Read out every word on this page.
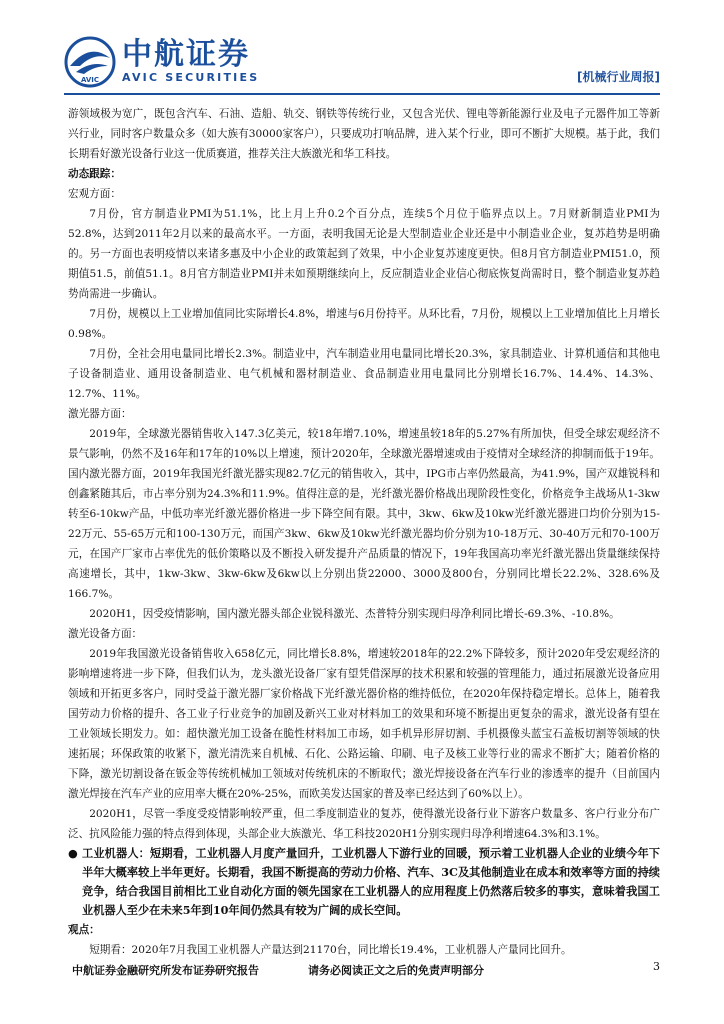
AVIC
中航证券
AVIC SECURITIES	[机械行业周报]

游领域极为宽广，既包含汽车、石油、造船、轨交、钢铁等传统行业，又包含光伏、锂电等新能源行业及电子元器件加工等新兴行业，同时客户数量众多（如大族有30000家客户），只要成功打响品牌，进入某个行业，即可不断扩大规模。基于此，我们长期看好激光设备行业这一优质赛道，推荐关注大族激光和华工科技。

动态跟踪：

宏观方面：

7月份，官方制造业PMI为51.1%，比上月上升0.2个百分点，连续5个月位于临界点以上。7月财新制造业PMI为52.8%，达到2011年2月以来的最高水平。一方面，表明我国无论是大型制造业企业还是中小制造业企业，复苏趋势是明确的。另一方面也表明疫情以来诸多惠及中小企业的政策起到了效果，中小企业复苏速度更快。但8月官方制造业PMI51.0，预期值51.5，前值51.1。8月官方制造业PMI并未如预期继续向上，反应制造业企业信心彻底恢复尚需时日，整个制造业复苏趋势尚需进一步确认。

7月份，规模以上工业增加值同比实际增长4.8%，增速与6月份持平。从环比看，7月份，规模以上工业增加值比上月增长0.98%。

7月份，全社会用电量同比增长2.3%。制造业中，汽车制造业用电量同比增长20.3%，家具制造业、计算机通信和其他电子设备制造业、通用设备制造业、电气机械和器材制造业、食品制造业用电量同比分别增长16.7%、14.4%、14.3%、12.7%、11%。

激光器方面：

2019年，全球激光器销售收入147.3亿美元，较18年增7.10%，增速虽较18年的5.27%有所加快，但受全球宏观经济不景气影响，仍然不及16年和17年的10%以上增速，预计2020年，全球激光器增速或由于疫情对全球经济的抑制而低于19年。国内激光器方面，2019年我国光纤激光器实现82.7亿元的销售收入，其中，IPG市占率仍然最高，为41.9%，国产双雄锐科和创鑫紧随其后，市占率分别为24.3%和11.9%。值得注意的是，光纤激光器价格战出现阶段性变化，价格竞争主战场从1-3kw转至6-10kw产品，中低功率光纤激光器价格进一步下降空间有限。其中，3kw、6kw及10kw光纤激光器进口均价分别为15-22万元、55-65万元和100-130万元，而国产3kw、6kw及10kw光纤激光器均价分别为10-18万元、30-40万元和70-100万元，在国产厂家市占率优先的低价策略以及不断投入研发提升产品质量的情况下，19年我国高功率光纤激光器出货量继续保持高速增长，其中，1kw-3kw、3kw-6kw及6kw以上分别出货22000、3000及800台，分别同比增长22.2%、328.6%及166.7%。

2020H1，因受疫情影响，国内激光器头部企业锐科激光、杰普特分别实现归母净利同比增长-69.3%、-10.8%。

激光设备方面：

2019年我国激光设备销售收入658亿元，同比增长8.8%，增速较2018年的22.2%下降较多，预计2020年受宏观经济的影响增速将进一步下降，但我们认为，龙头激光设备厂家有望凭借深厚的技术积累和较强的管理能力，通过拓展激光设备应用领域和开拓更多客户，同时受益于激光器厂家价格战下光纤激光器价格的维持低位，在2020年保持稳定增长。总体上，随着我国劳动力价格的提升、各工业子行业竞争的加剧及新兴工业对材料加工的效果和环境不断提出更复杂的需求，激光设备有望在工业领域长期发力。如：超快激光加工设备在脆性材料加工市场，如手机异形屏切割、手机摄像头蓝宝石盖板切割等领域的快速拓展；环保政策的收紧下，激光清洗来自机械、石化、公路运输、印刷、电子及核工业等行业的需求不断扩大；随着价格的下降，激光切割设备在钣金等传统机械加工领域对传统机床的不断取代；激光焊接设备在汽车行业的渗透率的提升（目前国内激光焊接在汽车产业的应用率大概在20%-25%，而欧美发达国家的普及率已经达到了60%以上）。

2020H1，尽管一季度受疫情影响较严重，但二季度制造业的复苏，使得激光设备行业下游客户数量多、客户行业分布广泛、抗风险能力强的特点得到体现，头部企业大族激光、华工科技2020H1分别实现归母净利增速64.3%和3.1%。

● 工业机器人：短期看，工业机器人月度产量回升，工业机器人下游行业的回暖，预示着工业机器人企业的业绩今年下半年大概率较上半年更好。长期看，我国不断提高的劳动力价格、汽车、3C及其他制造业在成本和效率等方面的持续竞争，结合我国目前相比工业自动化方面的领先国家在工业机器人的应用程度上仍然落后较多的事实，意味着我国工业机器人至少在未来5年到10年间仍然具有较为广阔的成长空间。

观点：

短期看：2020年7月我国工业机器人产量达到21170台，同比增长19.4%，工业机器人产量同比回升。

中航证券金融研究所发布证券研究报告	请务必阅读正文之后的免责声明部分	3
